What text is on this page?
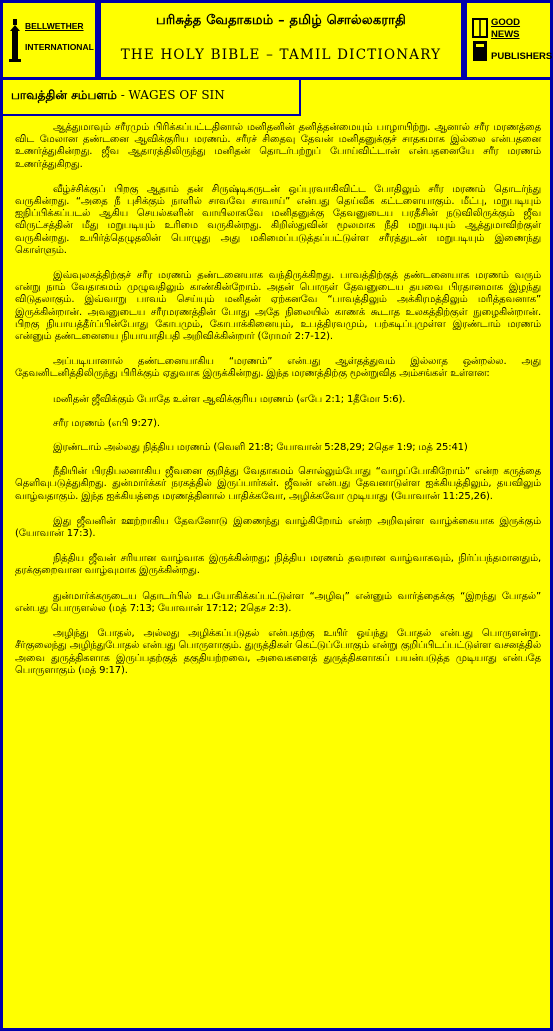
BELLWETHER
INTERNATIONAL
பரிசுத்த வேதாகமம் – தமிழ் சொல்லகராதி
THE HOLY BIBLE – TAMIL DICTIONARY
GOOD NEWS
PUBLISHERS
பாவத்தின் சம்பளம் - WAGES OF SIN

ஆத்துமாவும் சரீரமும் பிரிக்கப்பட்டதினால் மனிதனின் தனித்தன்மையும் பாழாயிற்று. ஆனால் சரீர மரணத்தை விட மேலான தண்டனை ஆவிக்குரிய மரணம். சரீரச் சிதைவு தேவன் மனிதனுக்குச் சாதகமாக இல்லை என்பதனை உணர்த்துகின்றது. ஜீவ ஆதாரத்திலிருந்து மனிதன் தொடர்பற்றுப் போய்விட்டான் என்பதனையே சரீர மரணம் உணர்த்துகிறது.

வீழ்ச்சிக்குப் பிறகு ஆதாம் தன் சிருஷ்டிகருடன் ஒப்புரவாகிவிட்ட போதிலும் சரீர மரணம் தொடர்ந்து வருகின்றது. “அதை நீ புசிக்கும் நாளில் சாவவே சாவாய்” என்பது தெய்வீக கட்டளையாகும். மீட்பு, மறுபடியும் ஐநிப்பிக்கப்படல் ஆகிய செயல்களின் வாயிலாகவே மனிதனுக்கு தேவனுடைய பரதீசின் நடுவிலிருக்கும் ஜீவ விருட்சத்தின் மீது மறுபடியும் உரிமை வருகின்றது. கிறிஸ்துவின் மூலமாக நீதி மறுபடியும் ஆத்துமாவிற்குள் வருகின்றது. உயிர்த்தெழுதலின் பொழுது அது மகிமைப்படுத்தப்பட்டுள்ள சரீரத்துடன் மறுபடியும் இணைந்து கொள்ளும்.

இவ்வுலகத்திற்குச் சரீர மரணம் தண்டனையாக வந்திருக்கிறது. பாவத்திற்குத் தண்டனையாக மரணம் வரும் என்று நாம் வேதாகமம் முழுவதிலும் காண்கின்றோம். அதன் பொருள் தேவனுடைய தயவை பிரதானமாக இழந்து விடுதலாகும். இவ்வாறு பாவம் செய்யும் மனிதன் ஏற்கனவே “பாவத்திலும் அக்கிரமத்திலும் மரித்தவனாக” இருக்கின்றான். அவனுடைய சரீரமரணத்தின் போது அதே நிலையில் காணக் கூடாத உலகத்திற்குள் நுழைகின்றான். பிறகு நியாயத்தீர்ப்பின்போது கோபமும், கோபாக்கினையும், உபத்திரவமும், பற்கடிப்புமுள்ள இரண்டாம் மரணம் என்னும் தண்டனையை நியாயாதிபதி அறிவிக்கின்றார் (ரோமர் 2:7-12).

அப்படியானால் தண்டனையாகிய “மரணம்” என்பது ஆள்தத்துவம் இல்லாத ஒன்றல்ல. அது தேவனிடனித்திலிருந்து பிரிக்கும் ஏதுவாக இருக்கின்றது. இந்த மரணத்திற்கு மூன்றுவித அம்சங்கள் உள்ளன:

மனிதன் ஜீவிக்கும் போதே உள்ள ஆவிக்குரிய மரணம் (எபே 2:1; 1தீமோ 5:6).

சரீர மரணம் (எபி 9:27).

இரண்டாம் அல்லது நித்திய மரணம் (வெளி 21:8; யோவான் 5:28,29; 2தெச 1:9; மத் 25:41)

நீதியின் பிரதிபலனாகிய ஜீவனை குறித்து வேதாகமம் சொல்லும்போது “வாழப்போகிறோம்” என்ற கருத்தை தெளிவுபடுத்துகிறது. துன்மார்க்கர் நரகத்தில் இருப்பார்கள். ஜீவன் என்பது தேவனாடுள்ள ஐக்கியத்திலும், தயவிலும் வாழ்வதாகும். இந்த ஐக்கியத்தை மரணத்தினால் பாதிக்கவோ, அழிக்கவோ முடியாது (யோவான் 11:25,26).

இது ஜீவனின் ஊற்றாகிய தேவனோடு இணைந்து வாழ்கிறோம் என்ற அறிவுள்ள வாழ்க்கையாக இருக்கும் (யோவான் 17:3).

நித்திய ஜீவன் சரியான வாழ்வாக இருக்கின்றது; நித்திய மரணம் தவறான வாழ்வாகவும், நிர்ப்பந்தமானதும், தரக்குறைவான வாழ்வுமாக இருக்கின்றது.

துன்மார்க்கருடைய தொடர்பில் உபயோகிக்கப்பட்டுள்ள “அழிவு” என்னும் வார்த்தைக்கு “இறந்து போதல்” என்பது பொருளல்ல (மத் 7:13; யோவான் 17:12; 2தெச 2:3).

அழிந்து போதல், அல்லது அழிக்கப்படுதல் என்பதற்கு உயிர் ஒய்ந்து போதல் என்பது பொருளன்று. சீர்குலைந்து அழிந்துபோதல் என்பது பொருளாகும். துருத்திகள் கெட்டுப்போகும் என்று குறிப்பிடப்பட்டுள்ள வசனத்தில் அவை துருத்திகளாக இருப்பதற்குத் தகுதியற்றவை, அவைகளைத் துருத்திகளாகப் பயன்படுத்த முடியாது என்பதே பொருளாகும் (மத் 9:17).
